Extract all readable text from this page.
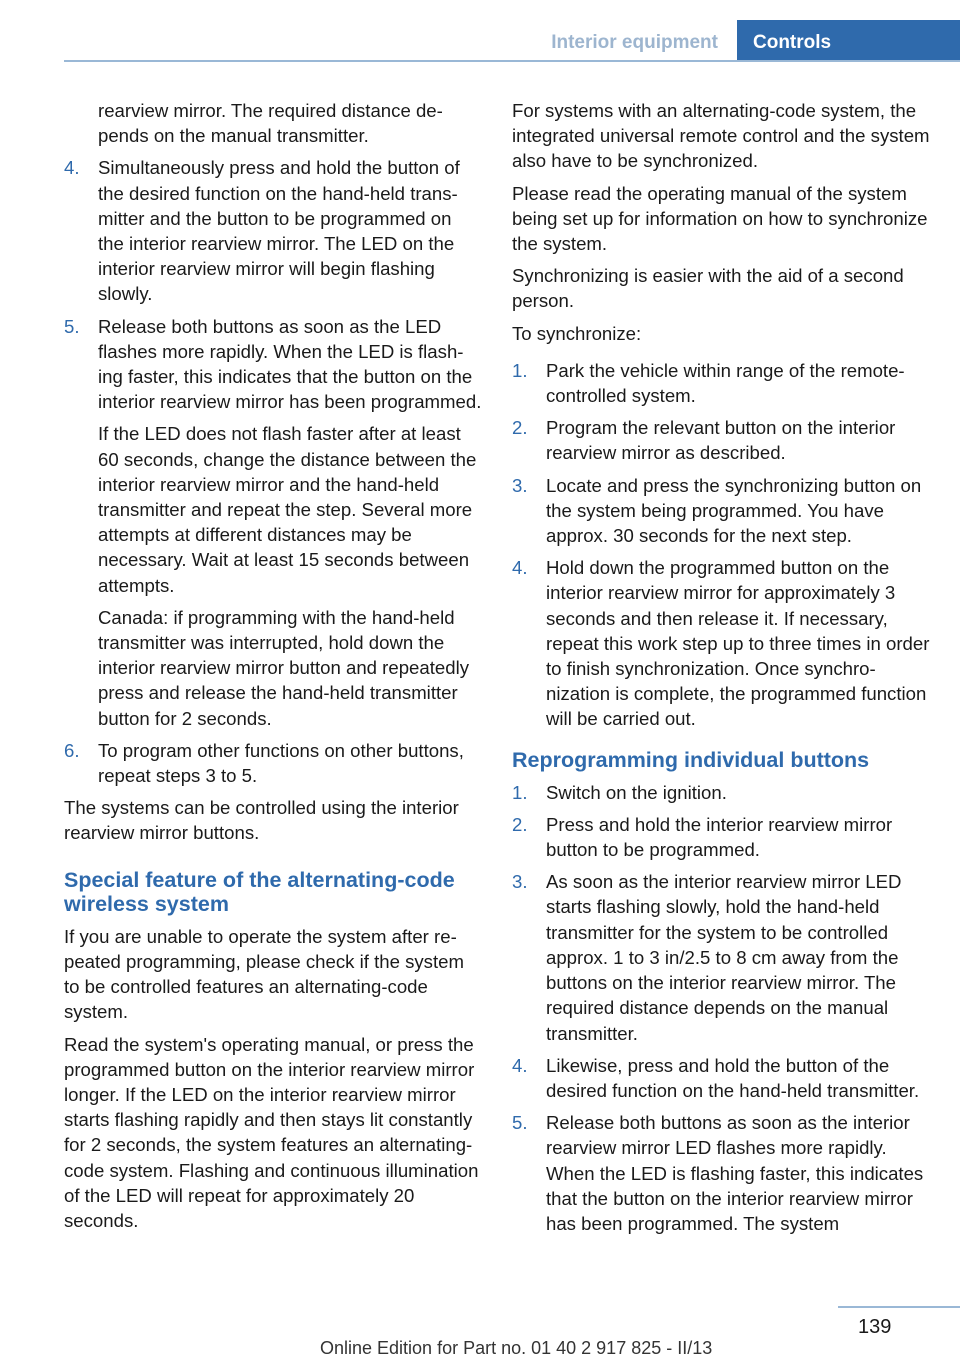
Interior equipment	Controls

rearview mirror. The required distance depends on the manual transmitter.

4. Simultaneously press and hold the button of the desired function on the hand-held transmitter and the button to be programmed on the interior rearview mirror. The LED on the interior rearview mirror will begin flashing slowly.

5. Release both buttons as soon as the LED flashes more rapidly. When the LED is flashing faster, this indicates that the button on the interior rearview mirror has been programmed.

If the LED does not flash faster after at least 60 seconds, change the distance between the interior rearview mirror and the hand-held transmitter and repeat the step. Several more attempts at different distances may be necessary. Wait at least 15 seconds between attempts.

Canada: if programming with the hand-held transmitter was interrupted, hold down the interior rearview mirror button and repeatedly press and release the hand-held transmitter button for 2 seconds.

6. To program other functions on other buttons, repeat steps 3 to 5.

The systems can be controlled using the interior rearview mirror buttons.

Special feature of the alternating-code wireless system

If you are unable to operate the system after repeated programming, please check if the system to be controlled features an alternating-code system.

Read the system's operating manual, or press the programmed button on the interior rearview mirror longer. If the LED on the interior rearview mirror starts flashing rapidly and then stays lit constantly for 2 seconds, the system features an alternating-code system. Flashing and continuous illumination of the LED will repeat for approximately 20 seconds.

For systems with an alternating-code system, the integrated universal remote control and the system also have to be synchronized.

Please read the operating manual of the system being set up for information on how to synchronize the system.

Synchronizing is easier with the aid of a second person.

To synchronize:

1. Park the vehicle within range of the remote-controlled system.
2. Program the relevant button on the interior rearview mirror as described.
3. Locate and press the synchronizing button on the system being programmed. You have approx. 30 seconds for the next step.
4. Hold down the programmed button on the interior rearview mirror for approximately 3 seconds and then release it. If necessary, repeat this work step up to three times in order to finish synchronization. Once synchronization is complete, the programmed function will be carried out.
Reprogramming individual buttons
1. Switch on the ignition.
2. Press and hold the interior rearview mirror button to be programmed.
3. As soon as the interior rearview mirror LED starts flashing slowly, hold the hand-held transmitter for the system to be controlled approx. 1 to 3 in/2.5 to 8 cm away from the buttons on the interior rearview mirror. The required distance depends on the manual transmitter.
4. Likewise, press and hold the button of the desired function on the hand-held transmitter.
5. Release both buttons as soon as the interior rearview mirror LED flashes more rapidly. When the LED is flashing faster, this indicates that the button on the interior rearview mirror has been programmed. The system
139
Online Edition for Part no. 01 40 2 917 825 - II/13
